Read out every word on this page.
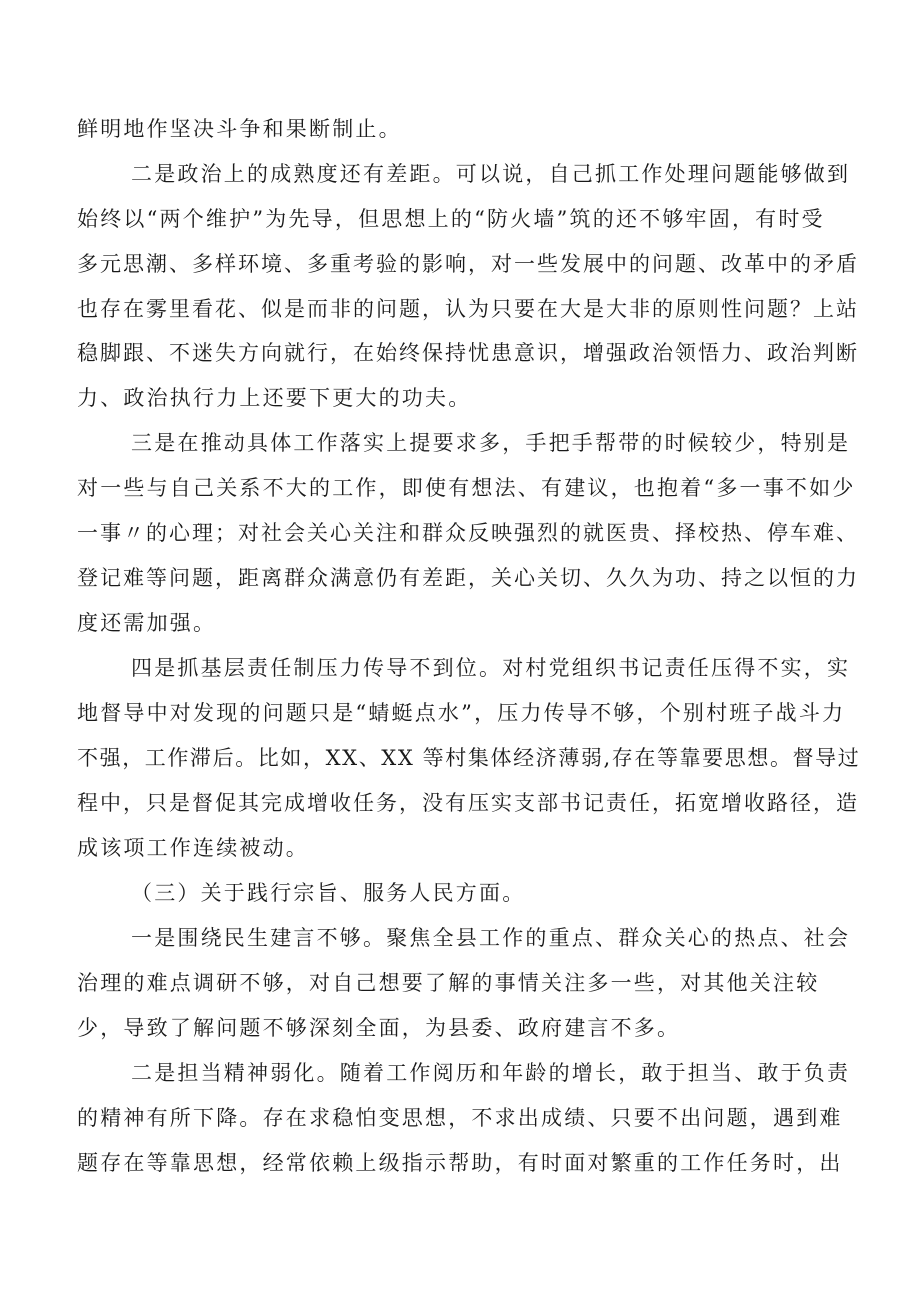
鲜明地作坚决斗争和果断制止。
二是政治上的成熟度还有差距。可以说，自己抓工作处理问题能够做到
始终以“两个维护”为先导，但思想上的“防火墙”筑的还不够牢固，有时受
多元思潮、多样环境、多重考验的影响，对一些发展中的问题、改革中的矛盾
也存在雾里看花、似是而非的问题，认为只要在大是大非的原则性问题？上站
稳脚跟、不迷失方向就行，在始终保持忧患意识，增强政治领悟力、政治判断
力、政治执行力上还要下更大的功夫。
三是在推动具体工作落实上提要求多，手把手帮带的时候较少，特别是
对一些与自己关系不大的工作，即使有想法、有建议，也抱着“多一事不如少
一事〃的心理；对社会关心关注和群众反映强烈的就医贵、择校热、停车难、
登记难等问题，距离群众满意仍有差距，关心关切、久久为功、持之以恒的力
度还需加强。
四是抓基层责任制压力传导不到位。对村党组织书记责任压得不实，实
地督导中对发现的问题只是“蜻蜓点水”，压力传导不够，个别村班子战斗力
不强，工作滞后。比如，XX、XX 等村集体经济薄弱,存在等靠要思想。督导过
程中，只是督促其完成增收任务，没有压实支部书记责任，拓宽增收路径，造
成该项工作连续被动。
（三）关于践行宗旨、服务人民方面。
一是围绕民生建言不够。聚焦全县工作的重点、群众关心的热点、社会
治理的难点调研不够，对自己想要了解的事情关注多一些，对其他关注较
少，导致了解问题不够深刻全面，为县委、政府建言不多。
二是担当精神弱化。随着工作阅历和年龄的增长，敢于担当、敢于负责
的精神有所下降。存在求稳怕变思想，不求出成绩、只要不出问题，遇到难
题存在等靠思想，经常依赖上级指示帮助，有时面对繁重的工作任务时，出
